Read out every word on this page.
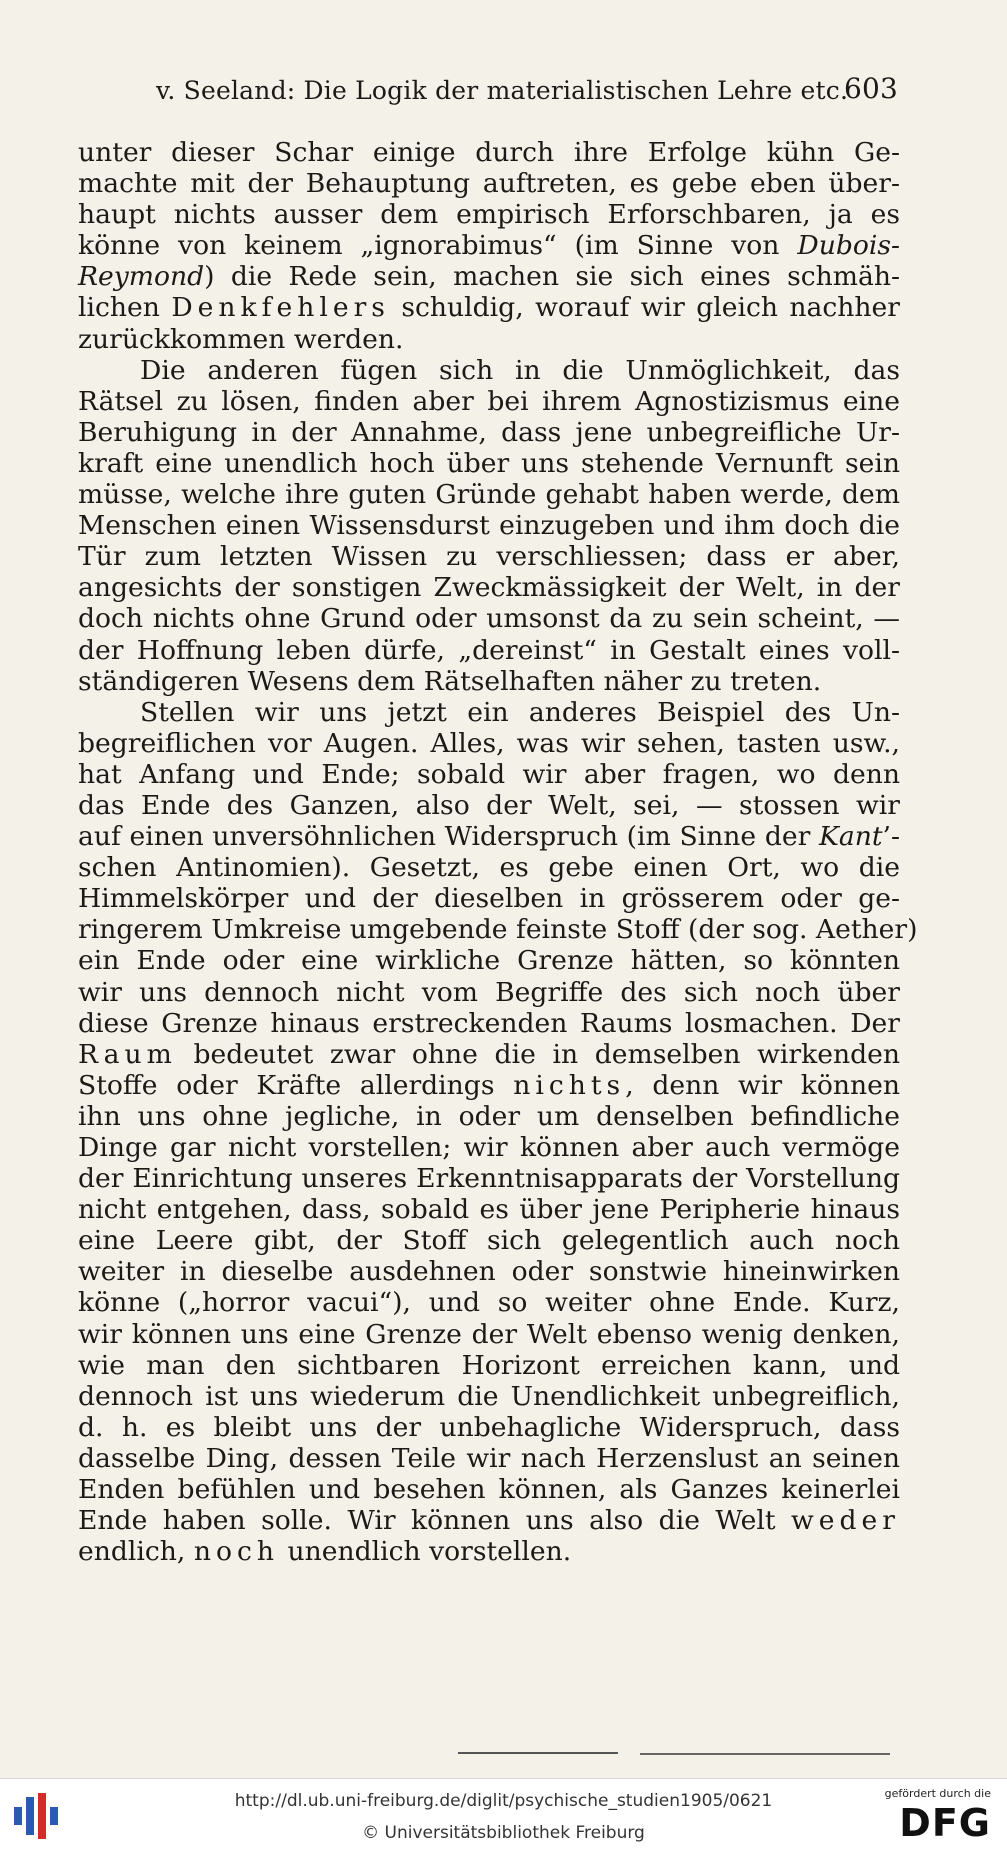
v. Seeland: Die Logik der materialistischen Lehre etc.
603
unter dieser Schar einige durch ihre Erfolge kühn Ge-
machte mit der Behauptung auftreten, es gebe eben über-
haupt nichts ausser dem empirisch Erforschbaren, ja es
könne von keinem „ignorabimus“ (im Sinne von Dubois-
Reymond) die Rede sein, machen sie sich eines schmäh-
lichen Denkfehlers schuldig, worauf wir gleich nachher
zurückkommen werden.
Die anderen fügen sich in die Unmöglichkeit, das
Rätsel zu lösen, finden aber bei ihrem Agnostizismus eine
Beruhigung in der Annahme, dass jene unbegreifliche Ur-
kraft eine unendlich hoch über uns stehende Vernunft sein
müsse, welche ihre guten Gründe gehabt haben werde, dem
Menschen einen Wissensdurst einzugeben und ihm doch die
Tür zum letzten Wissen zu verschliessen; dass er aber,
angesichts der sonstigen Zweckmässigkeit der Welt, in der
doch nichts ohne Grund oder umsonst da zu sein scheint, —
der Hoffnung leben dürfe, „dereinst“ in Gestalt eines voll-
ständigeren Wesens dem Rätselhaften näher zu treten.
Stellen wir uns jetzt ein anderes Beispiel des Un-
begreiflichen vor Augen. Alles, was wir sehen, tasten usw.,
hat Anfang und Ende; sobald wir aber fragen, wo denn
das Ende des Ganzen, also der Welt, sei, — stossen wir
auf einen unversöhnlichen Widerspruch (im Sinne der Kant’-
schen Antinomien). Gesetzt, es gebe einen Ort, wo die
Himmelskörper und der dieselben in grösserem oder ge-
ringerem Umkreise umgebende feinste Stoff (der sog. Aether)
ein Ende oder eine wirkliche Grenze hätten, so könnten
wir uns dennoch nicht vom Begriffe des sich noch über
diese Grenze hinaus erstreckenden Raums losmachen. Der
Raum bedeutet zwar ohne die in demselben wirkenden
Stoffe oder Kräfte allerdings nichts, denn wir können
ihn uns ohne jegliche, in oder um denselben befindliche
Dinge gar nicht vorstellen; wir können aber auch vermöge
der Einrichtung unseres Erkenntnisapparats der Vorstellung
nicht entgehen, dass, sobald es über jene Peripherie hinaus
eine Leere gibt, der Stoff sich gelegentlich auch noch
weiter in dieselbe ausdehnen oder sonstwie hineinwirken
könne („horror vacui“), und so weiter ohne Ende. Kurz,
wir können uns eine Grenze der Welt ebenso wenig denken,
wie man den sichtbaren Horizont erreichen kann, und
dennoch ist uns wiederum die Unendlichkeit unbegreiflich,
d. h. es bleibt uns der unbehagliche Widerspruch, dass
dasselbe Ding, dessen Teile wir nach Herzenslust an seinen
Enden befühlen und besehen können, als Ganzes keinerlei
Ende haben solle. Wir können uns also die Welt weder
endlich, noch unendlich vorstellen.
http://dl.ub.uni-freiburg.de/diglit/psychische_studien1905/0621
© Universitätsbibliothek Freiburg
gefördert durch die
DFG
